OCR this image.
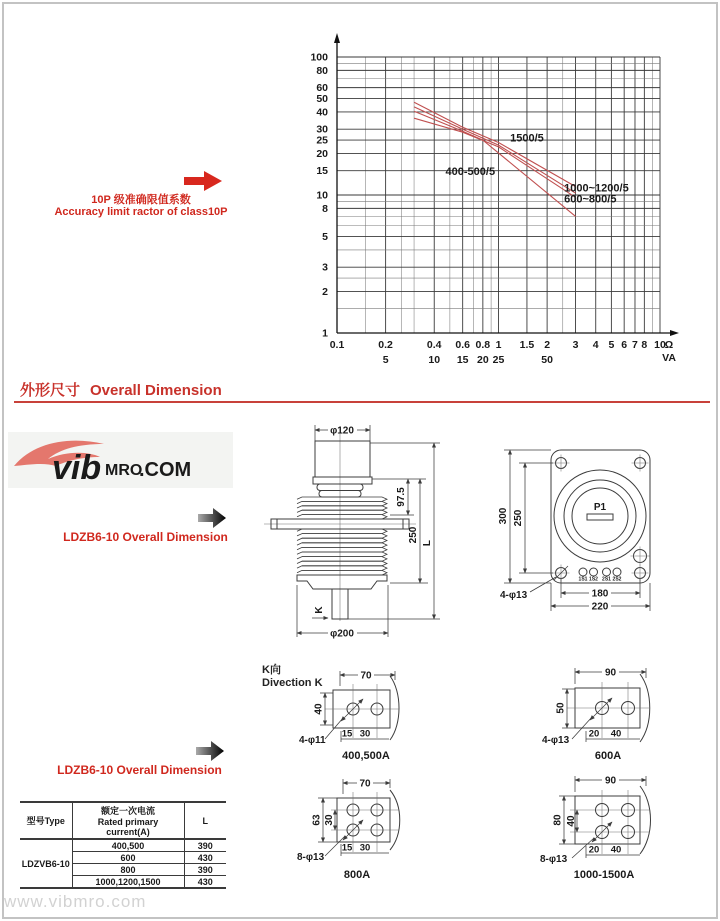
100
80
60
50
40
30
25
20
15
10
8
5
3
2
1
0.1	0.2	0.4 0.6 0.8 1 1.5 2 3 4 5 6 7 8 10
5	10 15 20 25	50
Ω
VA
1500/5
400-500/5
1000~1200/5
600~800/5
10P 级准确限值系数
Accuracy limit ractor of class10P
外形尺寸 Overall Dimension
vib MRO
.COM
LDZB6-10 Overall Dimension
φ120
K
φ200
97.5
250 L
P1
1S1 1S2 2S1 2S2
300 250
180
220
4-φ13
K向
Divection K
70
40
15 30
4-φ11
400,500A
90
50
20 40
4-φ13
600A
70
63 30
15 30
8-φ13
800A
90
80 40
20 40
8-φ13
1000-1500A
LDZB6-10 Overall Dimension
型号Type	额定一次电流
Rated primary
current(A)	L
LDZVB6-10	400,500	390
	600	430
	800	390
	1000,1200,1500	430
www.vibmro.com
